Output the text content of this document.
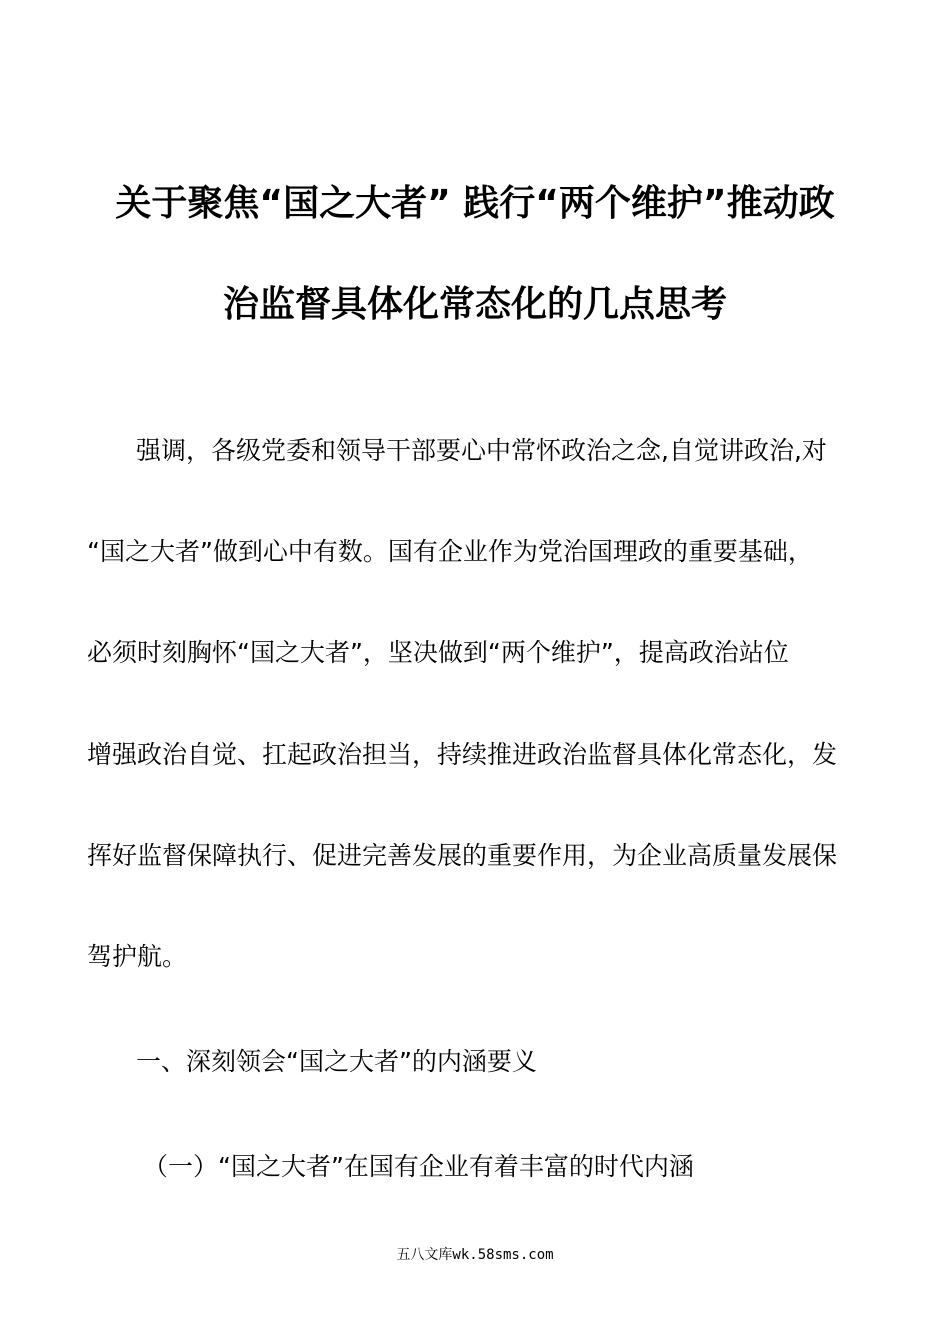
关于聚焦“国之大者” 践行“两个维护”推动政
治监督具体化常态化的几点思考
强调，各级党委和领导干部要心中常怀政治之念,自觉讲政治,对
“国之大者”做到心中有数。国有企业作为党治国理政的重要基础，
必须时刻胸怀“国之大者”，坚决做到“两个维护”，提高政治站位
增强政治自觉、扛起政治担当，持续推进政治监督具体化常态化，发
挥好监督保障执行、促进完善发展的重要作用，为企业高质量发展保
驾护航。
一、深刻领会“国之大者”的内涵要义
（一）“国之大者”在国有企业有着丰富的时代内涵
五八文库wk.58sms.com
